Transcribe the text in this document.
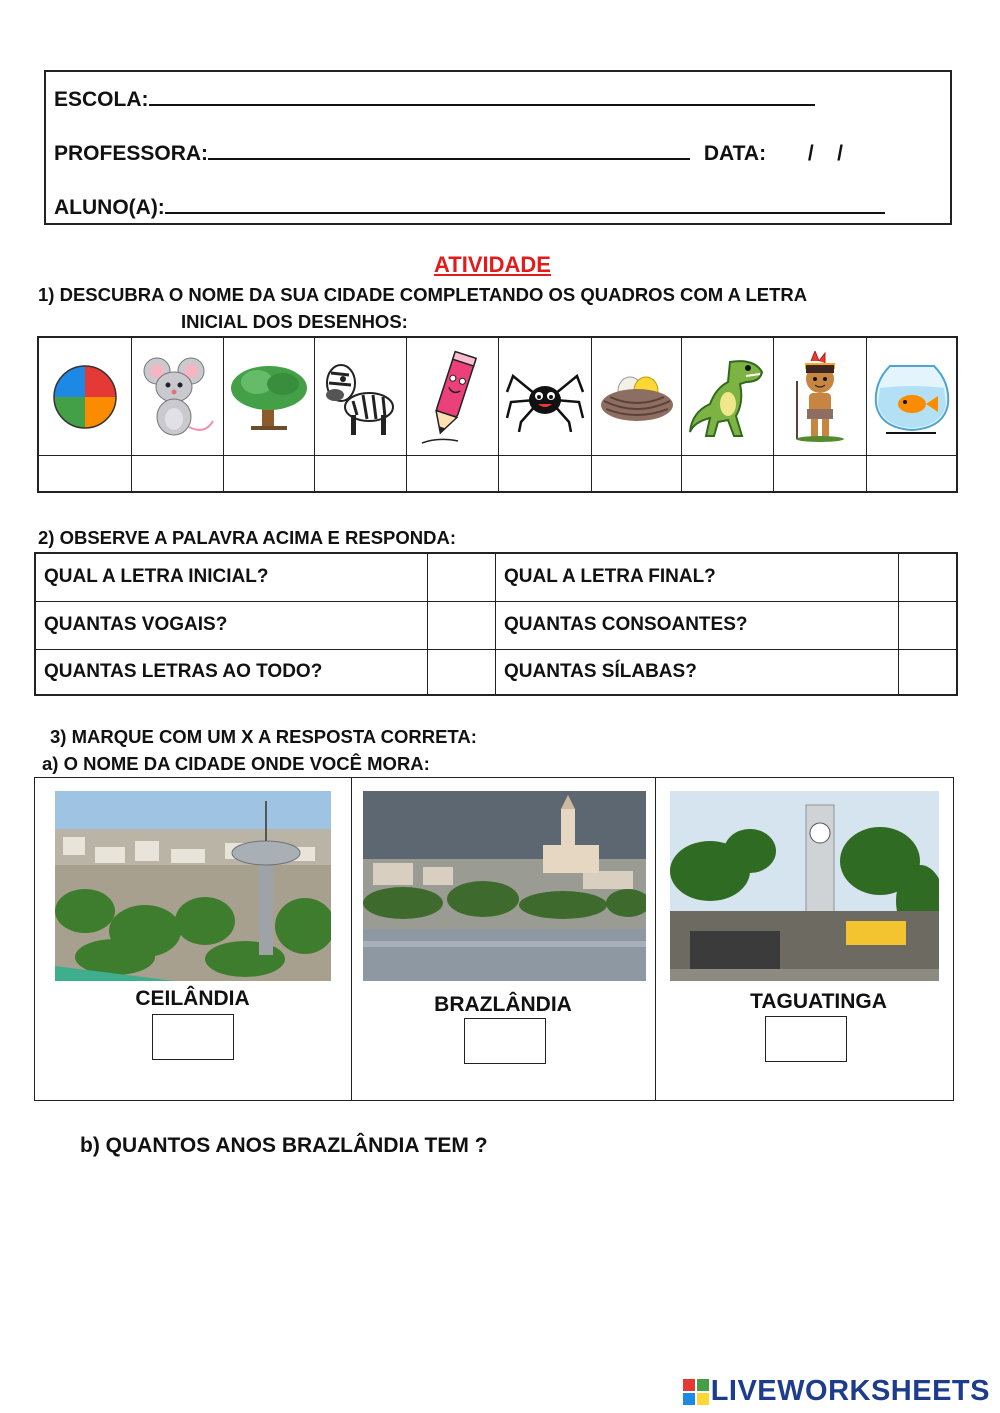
ESCOLA:
PROFESSORA:	DATA: /    /
ALUNO(A):
ATIVIDADE
1) DESCUBRA O NOME DA SUA CIDADE COMPLETANDO OS QUADROS COM A LETRA
INICIAL DOS DESENHOS:
2) OBSERVE A PALAVRA ACIMA E RESPONDA:
QUAL A LETRA INICIAL?	QUAL A LETRA FINAL?
QUANTAS VOGAIS?	QUANTAS CONSOANTES?
QUANTAS LETRAS AO TODO?	QUANTAS SÍLABAS?
3) MARQUE COM UM X A RESPOSTA CORRETA:
a) O NOME DA CIDADE ONDE VOCÊ MORA:
CEILÂNDIA	BRAZLÂNDIA	TAGUATINGA
b) QUANTOS ANOS BRAZLÂNDIA TEM ?
LIVEWORKSHEETS
